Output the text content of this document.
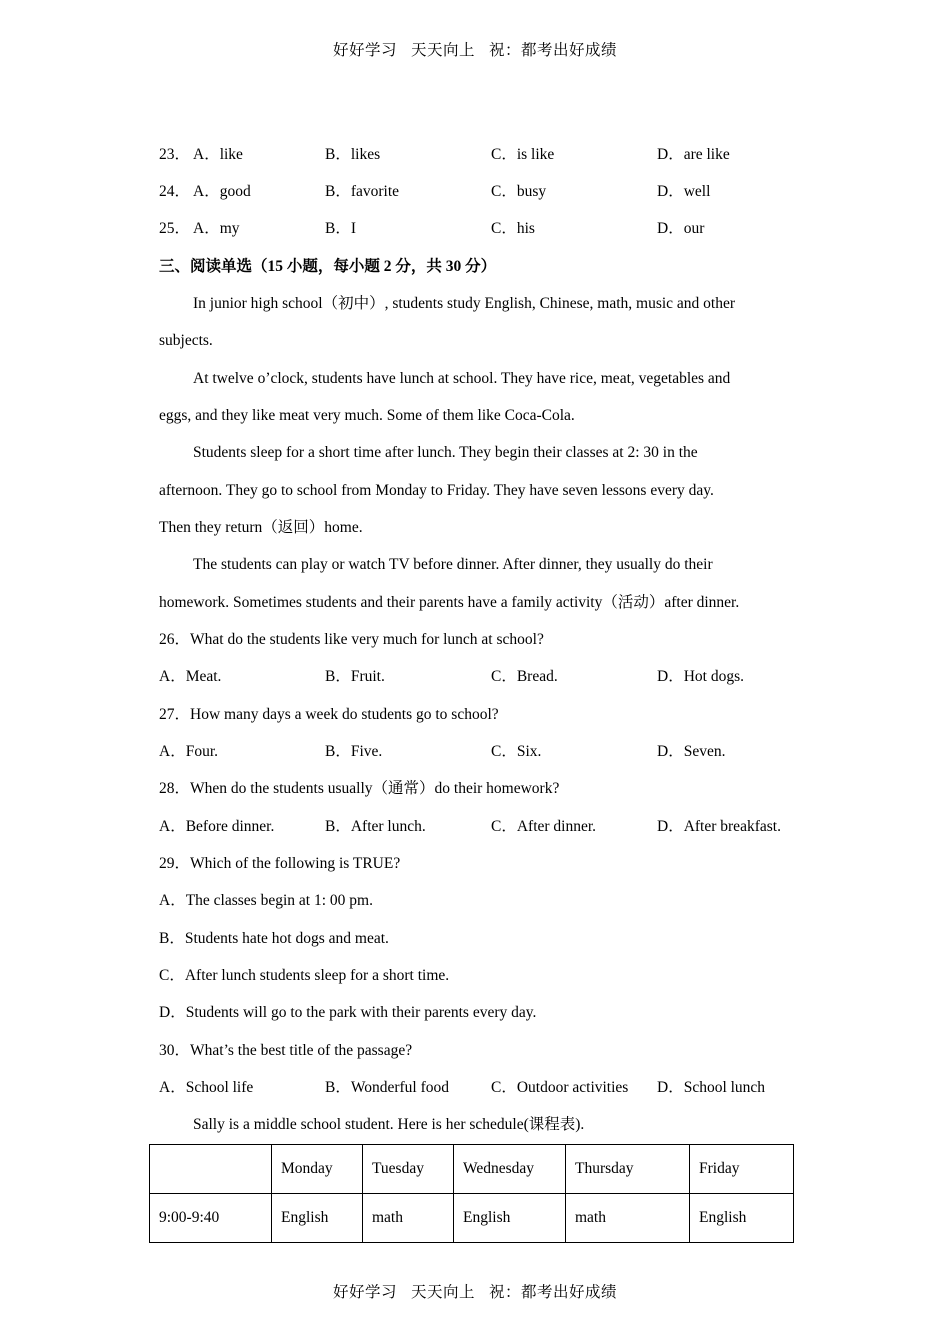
好好学习 天天向上 祝：都考出好成绩
23． A．like	B．likes	C．is like	D．are like
24． A．good	B．favorite	C．busy	D．well
25． A．my	B．I	C．his	D．our
三、阅读单选（15 小题，每小题 2 分，共 30 分）
In junior high school（初中）, students study English, Chinese, math, music and other
subjects.
At twelve o’clock, students have lunch at school. They have rice, meat, vegetables and
eggs, and they like meat very much. Some of them like Coca-Cola.
Students sleep for a short time after lunch. They begin their classes at 2: 30 in the
afternoon. They go to school from Monday to Friday. They have seven lessons every day.
Then they return（返回）home.
The students can play or watch TV before dinner. After dinner, they usually do their
homework. Sometimes students and their parents have a family activity（活动）after dinner.
26．What do the students like very much for lunch at school?
A．Meat.	B．Fruit.	C．Bread.	D．Hot dogs.
27．How many days a week do students go to school?
A．Four.	B．Five.	C．Six.	D．Seven.
28．When do the students usually（通常）do their homework?
A．Before dinner.	B．After lunch.	C．After dinner.	D．After breakfast.
29．Which of the following is TRUE?
A．The classes begin at 1: 00 pm.
B．Students hate hot dogs and meat.
C．After lunch students sleep for a short time.
D．Students will go to the park with their parents every day.
30．What’s the best title of the passage?
A．School life	B．Wonderful food	C．Outdoor activities D．School lunch
Sally is a middle school student. Here is her schedule(课程表).
	Monday	Tuesday	Wednesday	Thursday	Friday
9:00-9:40	English	math	English	math	English
好好学习 天天向上 祝：都考出好成绩
